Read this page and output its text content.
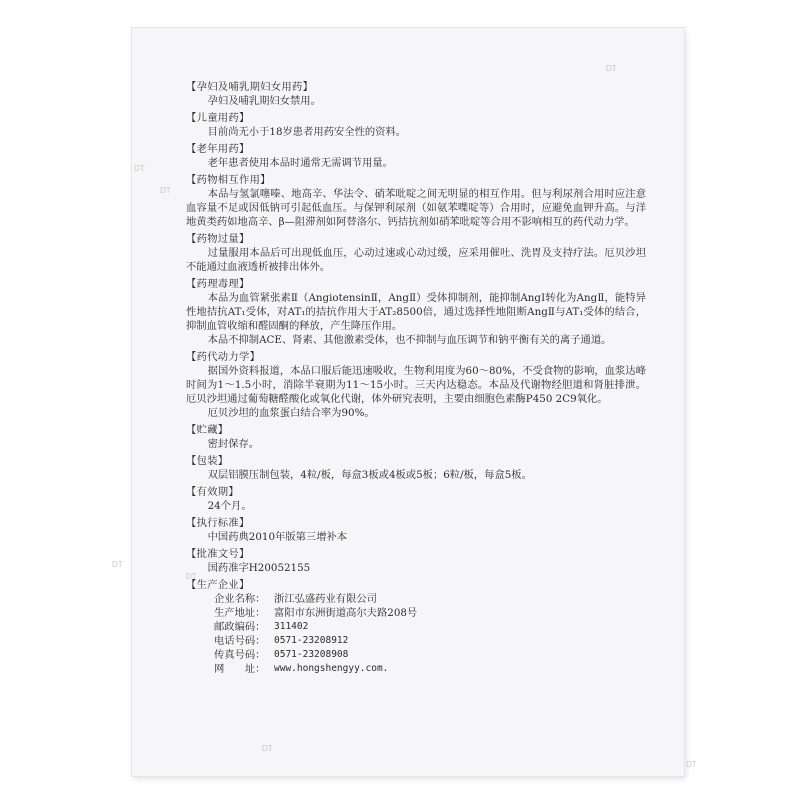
DT
DT
DT
DT
DT
DT
DT
【孕妇及哺乳期妇女用药】
孕妇及哺乳期妇女禁用。
【儿童用药】
目前尚无小于18岁患者用药安全性的资料。
【老年用药】
老年患者使用本品时通常无需调节用量。
【药物相互作用】
本品与氢氯噻嗪、地高辛、华法令、硝苯吡啶之间无明显的相互作用。但与利尿剂合用时应注意血容量不足或因低钠可引起低血压。与保钾利尿剂（如氨苯喋啶等）合用时，应避免血钾升高。与洋地黄类药如地高辛、β—阻滞剂如阿替洛尔、钙拮抗剂如硝苯吡啶等合用不影响相互的药代动力学。
【药物过量】
过量服用本品后可出现低血压，心动过速或心动过缓，应采用催吐、洗胃及支持疗法。厄贝沙坦不能通过血液透析被排出体外。
【药理毒理】
本品为血管紧张素Ⅱ（AngiotensinⅡ，AngⅡ）受体抑制剂，能抑制AngⅠ转化为AngⅡ，能特异性地拮抗AT₁受体，对AT₁的拮抗作用大于AT₂8500倍，通过选择性地阻断AngⅡ与AT₁受体的结合，抑制血管收缩和醛固酮的释放，产生降压作用。
本品不抑制ACE、肾素、其他激素受体，也不抑制与血压调节和钠平衡有关的离子通道。
【药代动力学】
据国外资料报道，本品口服后能迅速吸收，生物利用度为60～80%，不受食物的影响，血浆达峰时间为1～1.5小时，消除半衰期为11～15小时。三天内达稳态。本品及代谢物经胆道和肾脏排泄。厄贝沙坦通过葡萄糖醛酸化或氧化代谢，体外研究表明，主要由细胞色素酶P450 2C9氧化。
厄贝沙坦的血浆蛋白结合率为90%。
【贮藏】
密封保存。
【包装】
双层铝膜压制包装，4粒/板，每盒3板或4板或5板；6粒/板，每盒5板。
【有效期】
24个月。
【执行标准】
中国药典2010年版第三增补本
【批准文号】
国药准字H20052155
【生产企业】
企业名称： 浙江弘盛药业有限公司
生产地址： 富阳市东洲街道高尔夫路208号
邮政编码： 311402
电话号码： 0571-23208912
传真号码： 0571-23208908
网　　址： www.hongshengyy.com.
